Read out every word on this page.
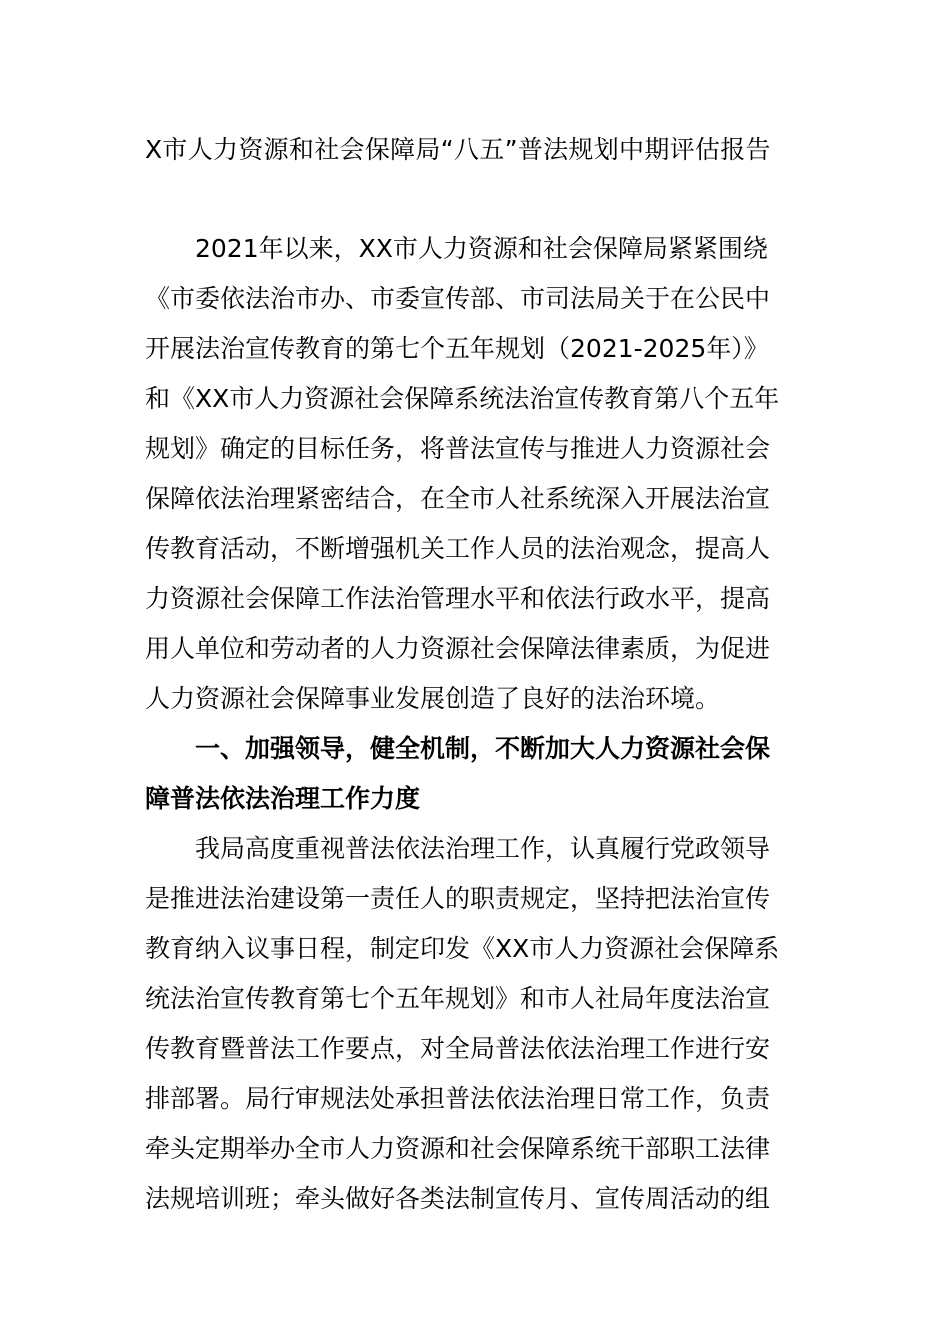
X市人力资源和社会保障局“八五”普法规划中期评估报告
2021年以来，XX市人力资源和社会保障局紧紧围绕
《市委依法治市办、市委宣传部、市司法局关于在公民中
开展法治宣传教育的第七个五年规划（2021-2025年）》
和《XX市人力资源社会保障系统法治宣传教育第八个五年
规划》确定的目标任务，将普法宣传与推进人力资源社会
保障依法治理紧密结合，在全市人社系统深入开展法治宣
传教育活动，不断增强机关工作人员的法治观念，提高人
力资源社会保障工作法治管理水平和依法行政水平，提高
用人单位和劳动者的人力资源社会保障法律素质，为促进
人力资源社会保障事业发展创造了良好的法治环境。
一、加强领导，健全机制，不断加大人力资源社会保
障普法依法治理工作力度
我局高度重视普法依法治理工作，认真履行党政领导
是推进法治建设第一责任人的职责规定，坚持把法治宣传
教育纳入议事日程，制定印发《XX市人力资源社会保障系
统法治宣传教育第七个五年规划》和市人社局年度法治宣
传教育暨普法工作要点，对全局普法依法治理工作进行安
排部署。局行审规法处承担普法依法治理日常工作，负责
牵头定期举办全市人力资源和社会保障系统干部职工法律
法规培训班；牵头做好各类法制宣传月、宣传周活动的组
